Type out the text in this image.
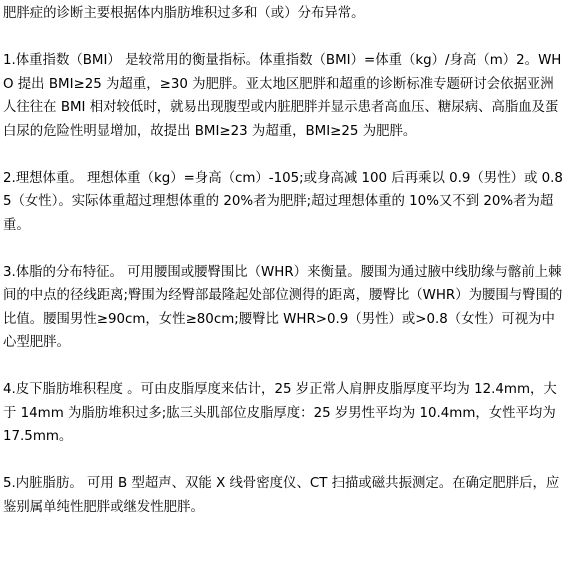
肥胖症的诊断主要根据体内脂肪堆积过多和（或）分布异常。

1.体重指数（BMI） 是较常用的衡量指标。体重指数（BMI）=体重（kg）/身高（m）2。WHO 提出 BMI≥25 为超重，≥30 为肥胖。亚太地区肥胖和超重的诊断标准专题研讨会依据亚洲人往往在 BMI 相对较低时，就易出现腹型或内脏肥胖并显示患者高血压、糖尿病、高脂血及蛋白尿的危险性明显增加，故提出 BMI≥23 为超重，BMI≥25 为肥胖。

2.理想体重。 理想体重（kg）=身高（cm）-105;或身高减 100 后再乘以 0.9（男性）或 0.85（女性）。实际体重超过理想体重的 20%者为肥胖;超过理想体重的 10%又不到 20%者为超重。

3.体脂的分布特征。 可用腰围或腰臀围比（WHR）来衡量。腰围为通过腋中线肋缘与髂前上棘间的中点的径线距离;臀围为经臀部最隆起处部位测得的距离，腰臀比（WHR）为腰围与臀围的比值。腰围男性≥90cm，女性≥80cm;腰臀比 WHR>0.9（男性）或>0.8（女性）可视为中心型肥胖。

4.皮下脂肪堆积程度 。可由皮脂厚度来估计，25 岁正常人肩胛皮脂厚度平均为 12.4mm，大于 14mm 为脂肪堆积过多;肱三头肌部位皮脂厚度：25 岁男性平均为 10.4mm，女性平均为 17.5mm。

5.内脏脂肪。 可用 B 型超声、双能 X 线骨密度仪、CT 扫描或磁共振测定。在确定肥胖后，应鉴别属单纯性肥胖或继发性肥胖。
